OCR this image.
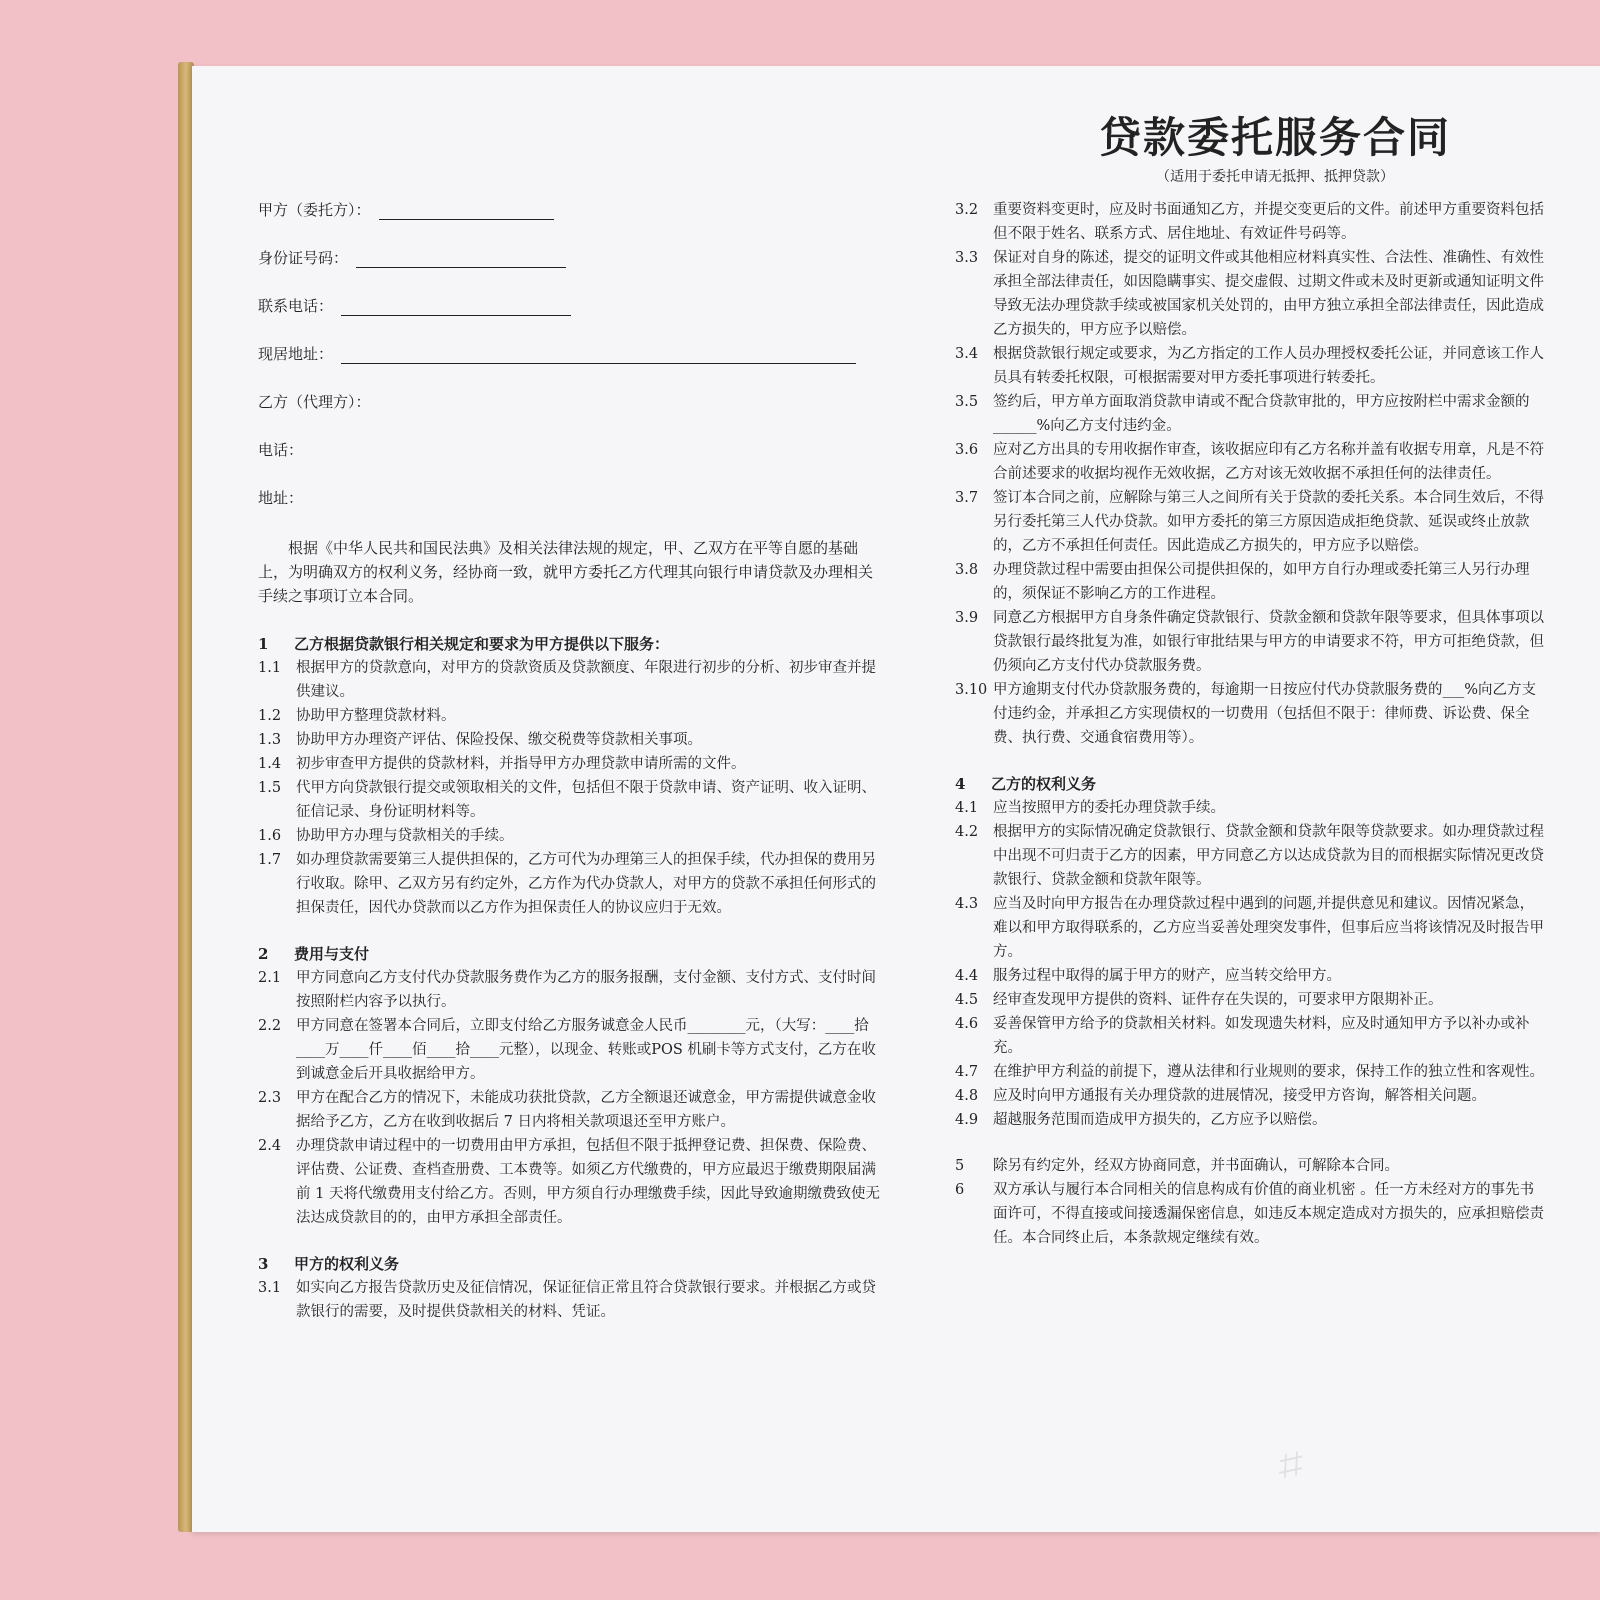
甲方（委托方）：
身份证号码：
联系电话：
现居地址：
乙方（代理方）：
电话：
地址：
根据《中华人民共和国民法典》及相关法律法规的规定，甲、乙双方在平等自愿的基础上，为明确双方的权利义务，经协商一致，就甲方委托乙方代理其向银行申请贷款及办理相关手续之事项订立本合同。
1	乙方根据贷款银行相关规定和要求为甲方提供以下服务：
1.1	根据甲方的贷款意向，对甲方的贷款资质及贷款额度、年限进行初步的分析、初步审查并提供建议。
1.2	协助甲方整理贷款材料。
1.3	协助甲方办理资产评估、保险投保、缴交税费等贷款相关事项。
1.4	初步审查甲方提供的贷款材料，并指导甲方办理贷款申请所需的文件。
1.5	代甲方向贷款银行提交或领取相关的文件，包括但不限于贷款申请、资产证明、收入证明、征信记录、身份证明材料等。
1.6	协助甲方办理与贷款相关的手续。
1.7	如办理贷款需要第三人提供担保的，乙方可代为办理第三人的担保手续，代办担保的费用另行收取。除甲、乙双方另有约定外，乙方作为代办贷款人，对甲方的贷款不承担任何形式的担保责任，因代办贷款而以乙方作为担保责任人的协议应归于无效。
2	费用与支付
2.1	甲方同意向乙方支付代办贷款服务费作为乙方的服务报酬，支付金额、支付方式、支付时间按照附栏内容予以执行。
2.2	甲方同意在签署本合同后，立即支付给乙方服务诚意金人民币________元，（大写：____拾____万____仟____佰____拾____元整），以现金、转账或POS 机刷卡等方式支付，乙方在收到诚意金后开具收据给甲方。
2.3	甲方在配合乙方的情况下，未能成功获批贷款，乙方全额退还诚意金，甲方需提供诚意金收据给予乙方，乙方在收到收据后 7 日内将相关款项退还至甲方账户。
2.4	办理贷款申请过程中的一切费用由甲方承担，包括但不限于抵押登记费、担保费、保险费、评估费、公证费、查档查册费、工本费等。如须乙方代缴费的，甲方应最迟于缴费期限届满前 1 天将代缴费用支付给乙方。否则，甲方须自行办理缴费手续，因此导致逾期缴费致使无法达成贷款目的的，由甲方承担全部责任。
3	甲方的权利义务
3.1	如实向乙方报告贷款历史及征信情况，保证征信正常且符合贷款银行要求。并根据乙方或贷款银行的需要，及时提供贷款相关的材料、凭证。
贷款委托服务合同
（适用于委托申请无抵押、抵押贷款）
3.2	重要资料变更时，应及时书面通知乙方，并提交变更后的文件。前述甲方重要资料包括但不限于姓名、联系方式、居住地址、有效证件号码等。
3.3	保证对自身的陈述，提交的证明文件或其他相应材料真实性、合法性、准确性、有效性承担全部法律责任，如因隐瞒事实、提交虚假、过期文件或未及时更新或通知证明文件导致无法办理贷款手续或被国家机关处罚的，由甲方独立承担全部法律责任，因此造成乙方损失的，甲方应予以赔偿。
3.4	根据贷款银行规定或要求，为乙方指定的工作人员办理授权委托公证，并同意该工作人员具有转委托权限，可根据需要对甲方委托事项进行转委托。
3.5	签约后，甲方单方面取消贷款申请或不配合贷款审批的，甲方应按附栏中需求金额的______%向乙方支付违约金。
3.6	应对乙方出具的专用收据作审查，该收据应印有乙方名称并盖有收据专用章，凡是不符合前述要求的收据均视作无效收据，乙方对该无效收据不承担任何的法律责任。
3.7	签订本合同之前，应解除与第三人之间所有关于贷款的委托关系。本合同生效后，不得另行委托第三人代办贷款。如甲方委托的第三方原因造成拒绝贷款、延误或终止放款的，乙方不承担任何责任。因此造成乙方损失的，甲方应予以赔偿。
3.8	办理贷款过程中需要由担保公司提供担保的，如甲方自行办理或委托第三人另行办理的，须保证不影响乙方的工作进程。
3.9	同意乙方根据甲方自身条件确定贷款银行、贷款金额和贷款年限等要求，但具体事项以贷款银行最终批复为准，如银行审批结果与甲方的申请要求不符，甲方可拒绝贷款，但仍须向乙方支付代办贷款服务费。
3.10 甲方逾期支付代办贷款服务费的，每逾期一日按应付代办贷款服务费的___%向乙方支付违约金，并承担乙方实现债权的一切费用（包括但不限于：律师费、诉讼费、保全费、执行费、交通食宿费用等）。
4	乙方的权利义务
4.1	应当按照甲方的委托办理贷款手续。
4.2	根据甲方的实际情况确定贷款银行、贷款金额和贷款年限等贷款要求。如办理贷款过程中出现不可归责于乙方的因素，甲方同意乙方以达成贷款为目的而根据实际情况更改贷款银行、贷款金额和贷款年限等。
4.3	应当及时向甲方报告在办理贷款过程中遇到的问题,并提供意见和建议。因情况紧急，难以和甲方取得联系的，乙方应当妥善处理突发事件，但事后应当将该情况及时报告甲方。
4.4	服务过程中取得的属于甲方的财产，应当转交给甲方。
4.5	经审查发现甲方提供的资料、证件存在失误的，可要求甲方限期补正。
4.6	妥善保管甲方给予的贷款相关材料。如发现遗失材料，应及时通知甲方予以补办或补充。
4.7	在维护甲方利益的前提下，遵从法律和行业规则的要求，保持工作的独立性和客观性。
4.8	应及时向甲方通报有关办理贷款的进展情况，接受甲方咨询，解答相关问题。
4.9	超越服务范围而造成甲方损失的，乙方应予以赔偿。
5	除另有约定外，经双方协商同意，并书面确认，可解除本合同。
6	双方承认与履行本合同相关的信息构成有价值的商业机密 。任一方未经对方的事先书面许可，不得直接或间接透漏保密信息，如违反本规定造成对方损失的，应承担赔偿责任。本合同终止后，本条款规定继续有效。
⌗
